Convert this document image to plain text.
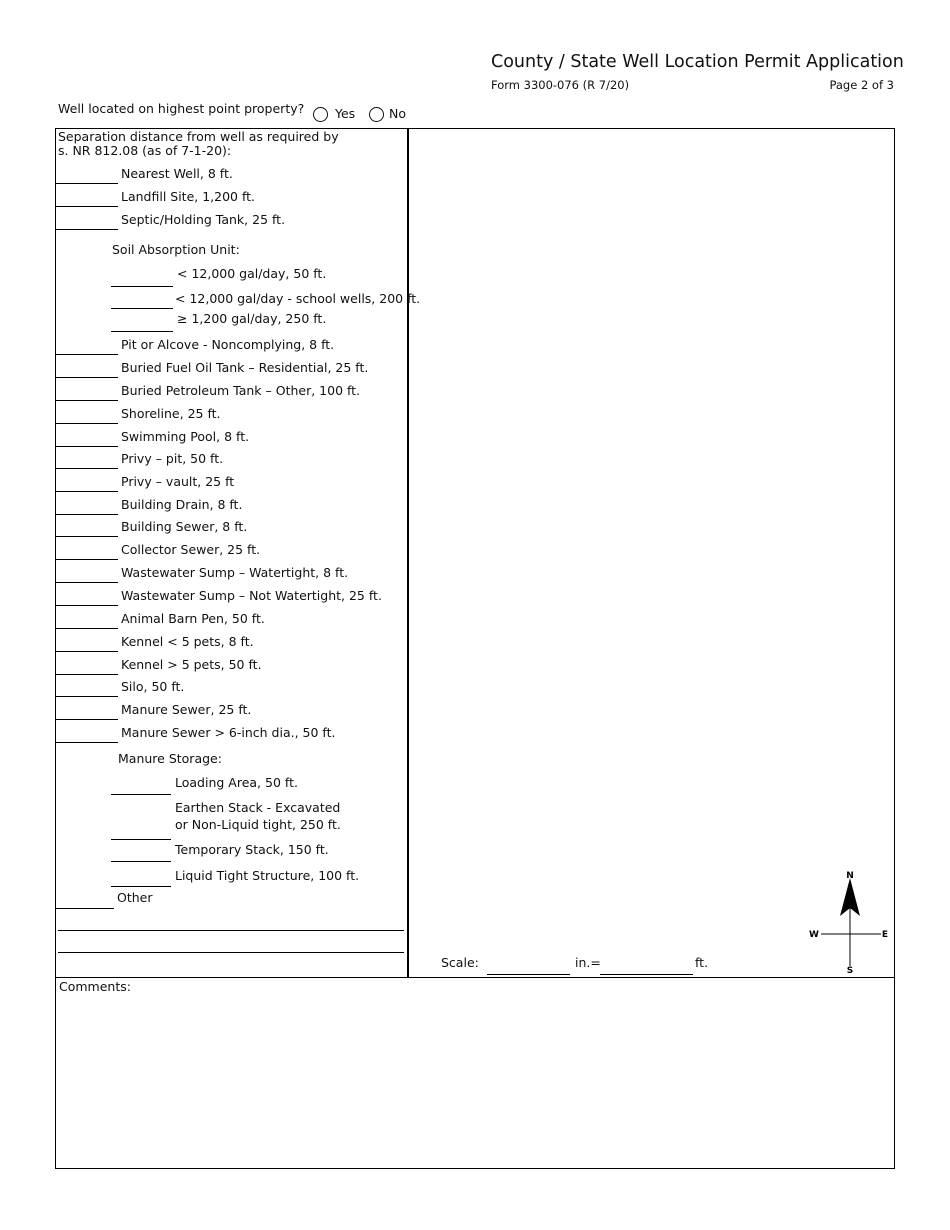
County / State Well Location Permit Application
Form 3300-076 (R 7/20)	Page 2 of 3
Well located on highest point property? Yes	No
Separation distance from well as required by
s. NR 812.08 (as of 7-1-20):
Nearest Well, 8 ft.
Landfill Site, 1,200 ft.
Septic/Holding Tank, 25 ft.
Soil Absorption Unit:
< 12,000 gal/day, 50 ft.
< 12,000 gal/day - school wells, 200 ft.
≥ 1,200 gal/day, 250 ft.
Pit or Alcove - Noncomplying, 8 ft.
Buried Fuel Oil Tank – Residential, 25 ft.
Buried Petroleum Tank – Other, 100 ft.
Shoreline, 25 ft.
Swimming Pool, 8 ft.
Privy – pit, 50 ft.
Privy – vault, 25 ft
Building Drain, 8 ft.
Building Sewer, 8 ft.
Collector Sewer, 25 ft.
Wastewater Sump – Watertight, 8 ft.
Wastewater Sump – Not Watertight, 25 ft.
Animal Barn Pen, 50 ft.
Kennel < 5 pets, 8 ft.
Kennel > 5 pets, 50 ft.
Silo, 50 ft.
Manure Sewer, 25 ft.
Manure Sewer > 6-inch dia., 50 ft.
Manure Storage:
Loading Area, 50 ft.
Earthen Stack - Excavated
or Non-Liquid tight, 250 ft.
Temporary Stack, 150 ft.
Liquid Tight Structure, 100 ft.
Other
Scale:	in.=	ft.
N
S
W	E
Comments:
